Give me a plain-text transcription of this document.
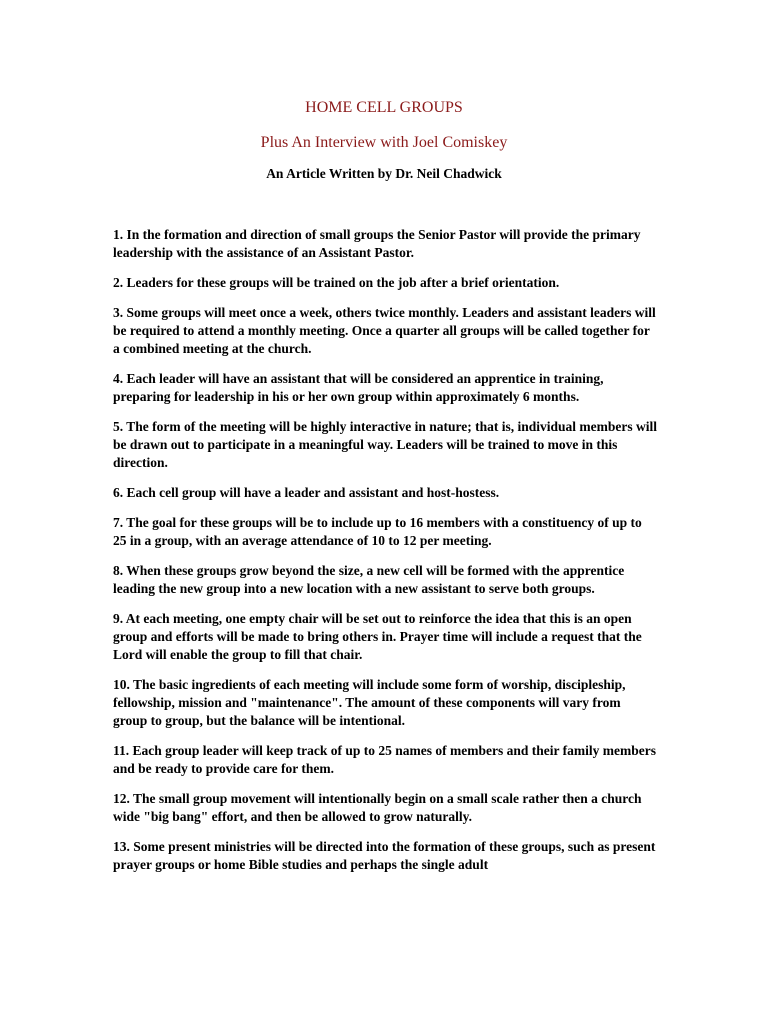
HOME CELL GROUPS
Plus An Interview with Joel Comiskey

An Article Written by Dr. Neil Chadwick

1. In the formation and direction of small groups the Senior Pastor will provide the primary leadership with the assistance of an Assistant Pastor.
2. Leaders for these groups will be trained on the job after a brief orientation.
3. Some groups will meet once a week, others twice monthly. Leaders and assistant leaders will be required to attend a monthly meeting. Once a quarter all groups will be called together for a combined meeting at the church.
4. Each leader will have an assistant that will be considered an apprentice in training, preparing for leadership in his or her own group within approximately 6 months.
5. The form of the meeting will be highly interactive in nature; that is, individual members will be drawn out to participate in a meaningful way. Leaders will be trained to move in this direction.
6. Each cell group will have a leader and assistant and host-hostess.
7. The goal for these groups will be to include up to 16 members with a constituency of up to 25 in a group, with an average attendance of 10 to 12 per meeting.
8. When these groups grow beyond the size, a new cell will be formed with the apprentice leading the new group into a new location with a new assistant to serve both groups.
9. At each meeting, one empty chair will be set out to reinforce the idea that this is an open group and efforts will be made to bring others in. Prayer time will include a request that the Lord will enable the group to fill that chair.
10. The basic ingredients of each meeting will include some form of worship, discipleship, fellowship, mission and "maintenance". The amount of these components will vary from group to group, but the balance will be intentional.
11. Each group leader will keep track of up to 25 names of members and their family members and be ready to provide care for them.
12. The small group movement will intentionally begin on a small scale rather then a church wide "big bang" effort, and then be allowed to grow naturally.
13. Some present ministries will be directed into the formation of these groups, such as present prayer groups or home Bible studies and perhaps the single adult
